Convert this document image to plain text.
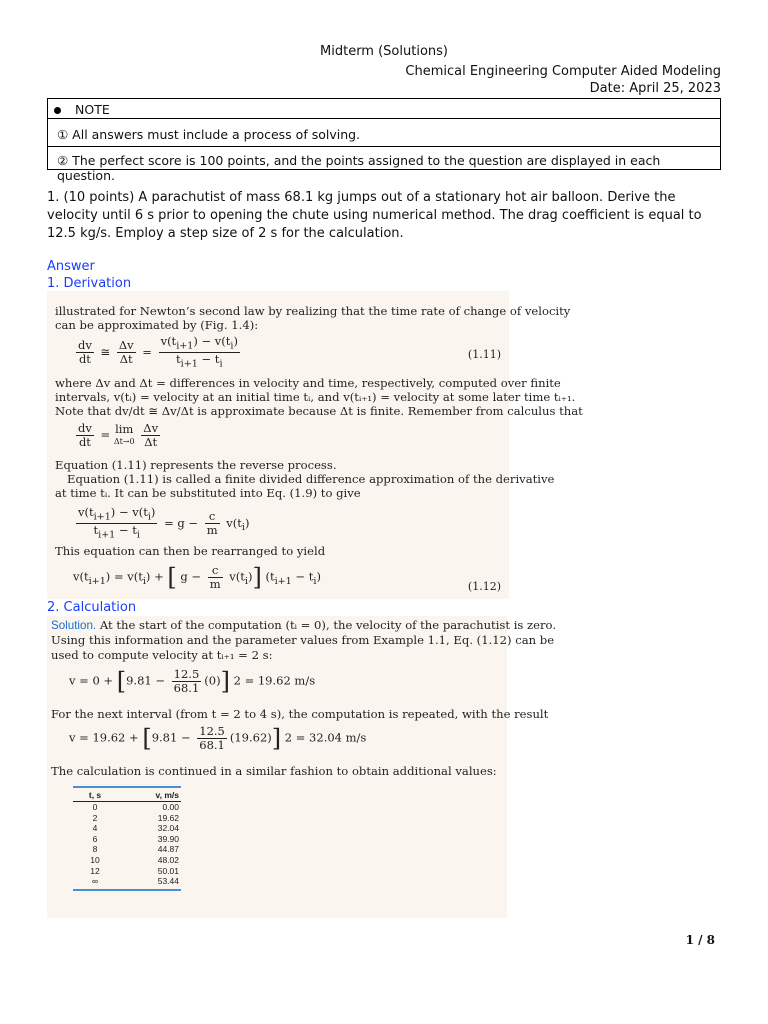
Midterm (Solutions)
Chemical Engineering Computer Aided Modeling
Date: April 25, 2023
NOTE
① All answers must include a process of solving.
② The perfect score is 100 points, and the points assigned to the question are displayed in each question.
1. (10 points) A parachutist of mass 68.1 kg jumps out of a stationary hot air balloon. Derive the velocity until 6 s prior to opening the chute using numerical method. The drag coefficient is equal to 12.5 kg/s. Employ a step size of 2 s for the calculation.
Answer
1. Derivation
illustrated for Newton’s second law by realizing that the time rate of change of velocity
can be approximated by (Fig. 1.4):
$\frac{dv}{dt}$ ≅ $\frac{\Delta v}{\Delta t} = \frac{v(t_{i+1}) - v(t_i)}{t_{i+1} - t_i}$	(1.11)
where Δv and Δt = differences in velocity and time, respectively, computed over finite
intervals, v(tᵢ) = velocity at an initial time tᵢ, and v(tᵢ₊₁) = velocity at some later time tᵢ₊₁.
Note that dv/dt ≅ Δv/Δt is approximate because Δt is finite. Remember from calculus that
$\frac{dv}{dt} = \lim$
$\Delta t\to 0 \frac{\Delta v}{\Delta t}$
Equation (1.11) represents the reverse process.
Equation (1.11) is called a finite divided difference approximation of the derivative
at time tᵢ. It can be substituted into Eq. (1.9) to give
$\frac{v(t_{i+1}) - v(t_i)}{t_{i+1} - t_i} = g - \frac{c}{m} v(t_i)$
This equation can then be rearranged to yield
$v(t_{i+1}) = v(t_i)$ + [ $g - \frac{c}{m} v(t_i)$] $(t_{i+1} - t_i)$
(1.12)
2. Calculation
Solution. At the start of the computation (tᵢ = 0), the velocity of the parachutist is zero.
Using this information and the parameter values from Example 1.1, Eq. (1.12) can be
used to compute velocity at tᵢ₊₁ = 2 s:
$v = 0 + [9.81 - \frac{12.5}{68.1} (0)]$ 2 = 19.62 m/s
For the next interval (from t = 2 to 4 s), the computation is repeated, with the result
$v = 19.62 + [9.81 - \frac{12.5}{68.1} (19.62)]$ 2 = 32.04 m/s
The calculation is continued in a similar fashion to obtain additional values:
t, s	v, m/s
0	0.00
2	19.62
4	32.04
6	39.90
8	44.87
10	48.02
12	50.01
∞	53.44
1 / 8
